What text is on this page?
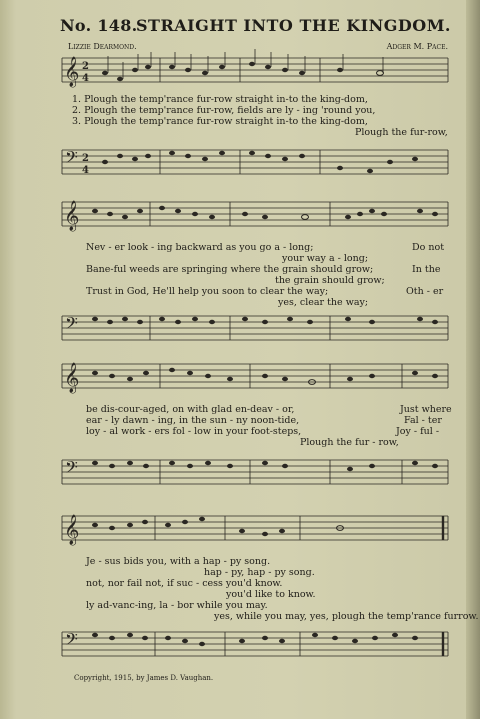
No. 148.
STRAIGHT INTO THE KINGDOM.
Lizzie Dearmond.	Adger M. Pace.
𝄞 2
4
1. Plough the temp'rance fur-row straight in-to the king-dom,
2. Plough the temp'rance fur-row, fields are ly - ing 'round you,
3. Plough the temp'rance fur-row straight in-to the king-dom,
Plough the fur-row,
𝄢 2
4
𝄞
Nev - er look - ing backward as you go a - long;	Do not
your way a - long;
Bane-ful weeds are springing where the grain should grow;	In the
the grain should grow;
Trust in God, He'll help you soon to clear the way;	Oth - er
yes, clear the way;
𝄢
𝄞
be dis-cour-aged, on with glad en-deav - or,	Just where
ear - ly dawn - ing, in the sun - ny noon-tide,	Fal - ter
loy - al work - ers fol - low in your foot-steps,	Joy - ful -
Plough the fur - row,
𝄢
𝄞
Je - sus bids you, with a hap - py song.
hap - py, hap - py song.
not, nor fail not, if suc - cess you'd know.
you'd like to know.
ly ad-vanc-ing, la - bor while you may.
yes, while you may, yes, plough the temp'rance furrow.
𝄢
Copyright, 1915, by James D. Vaughan.
